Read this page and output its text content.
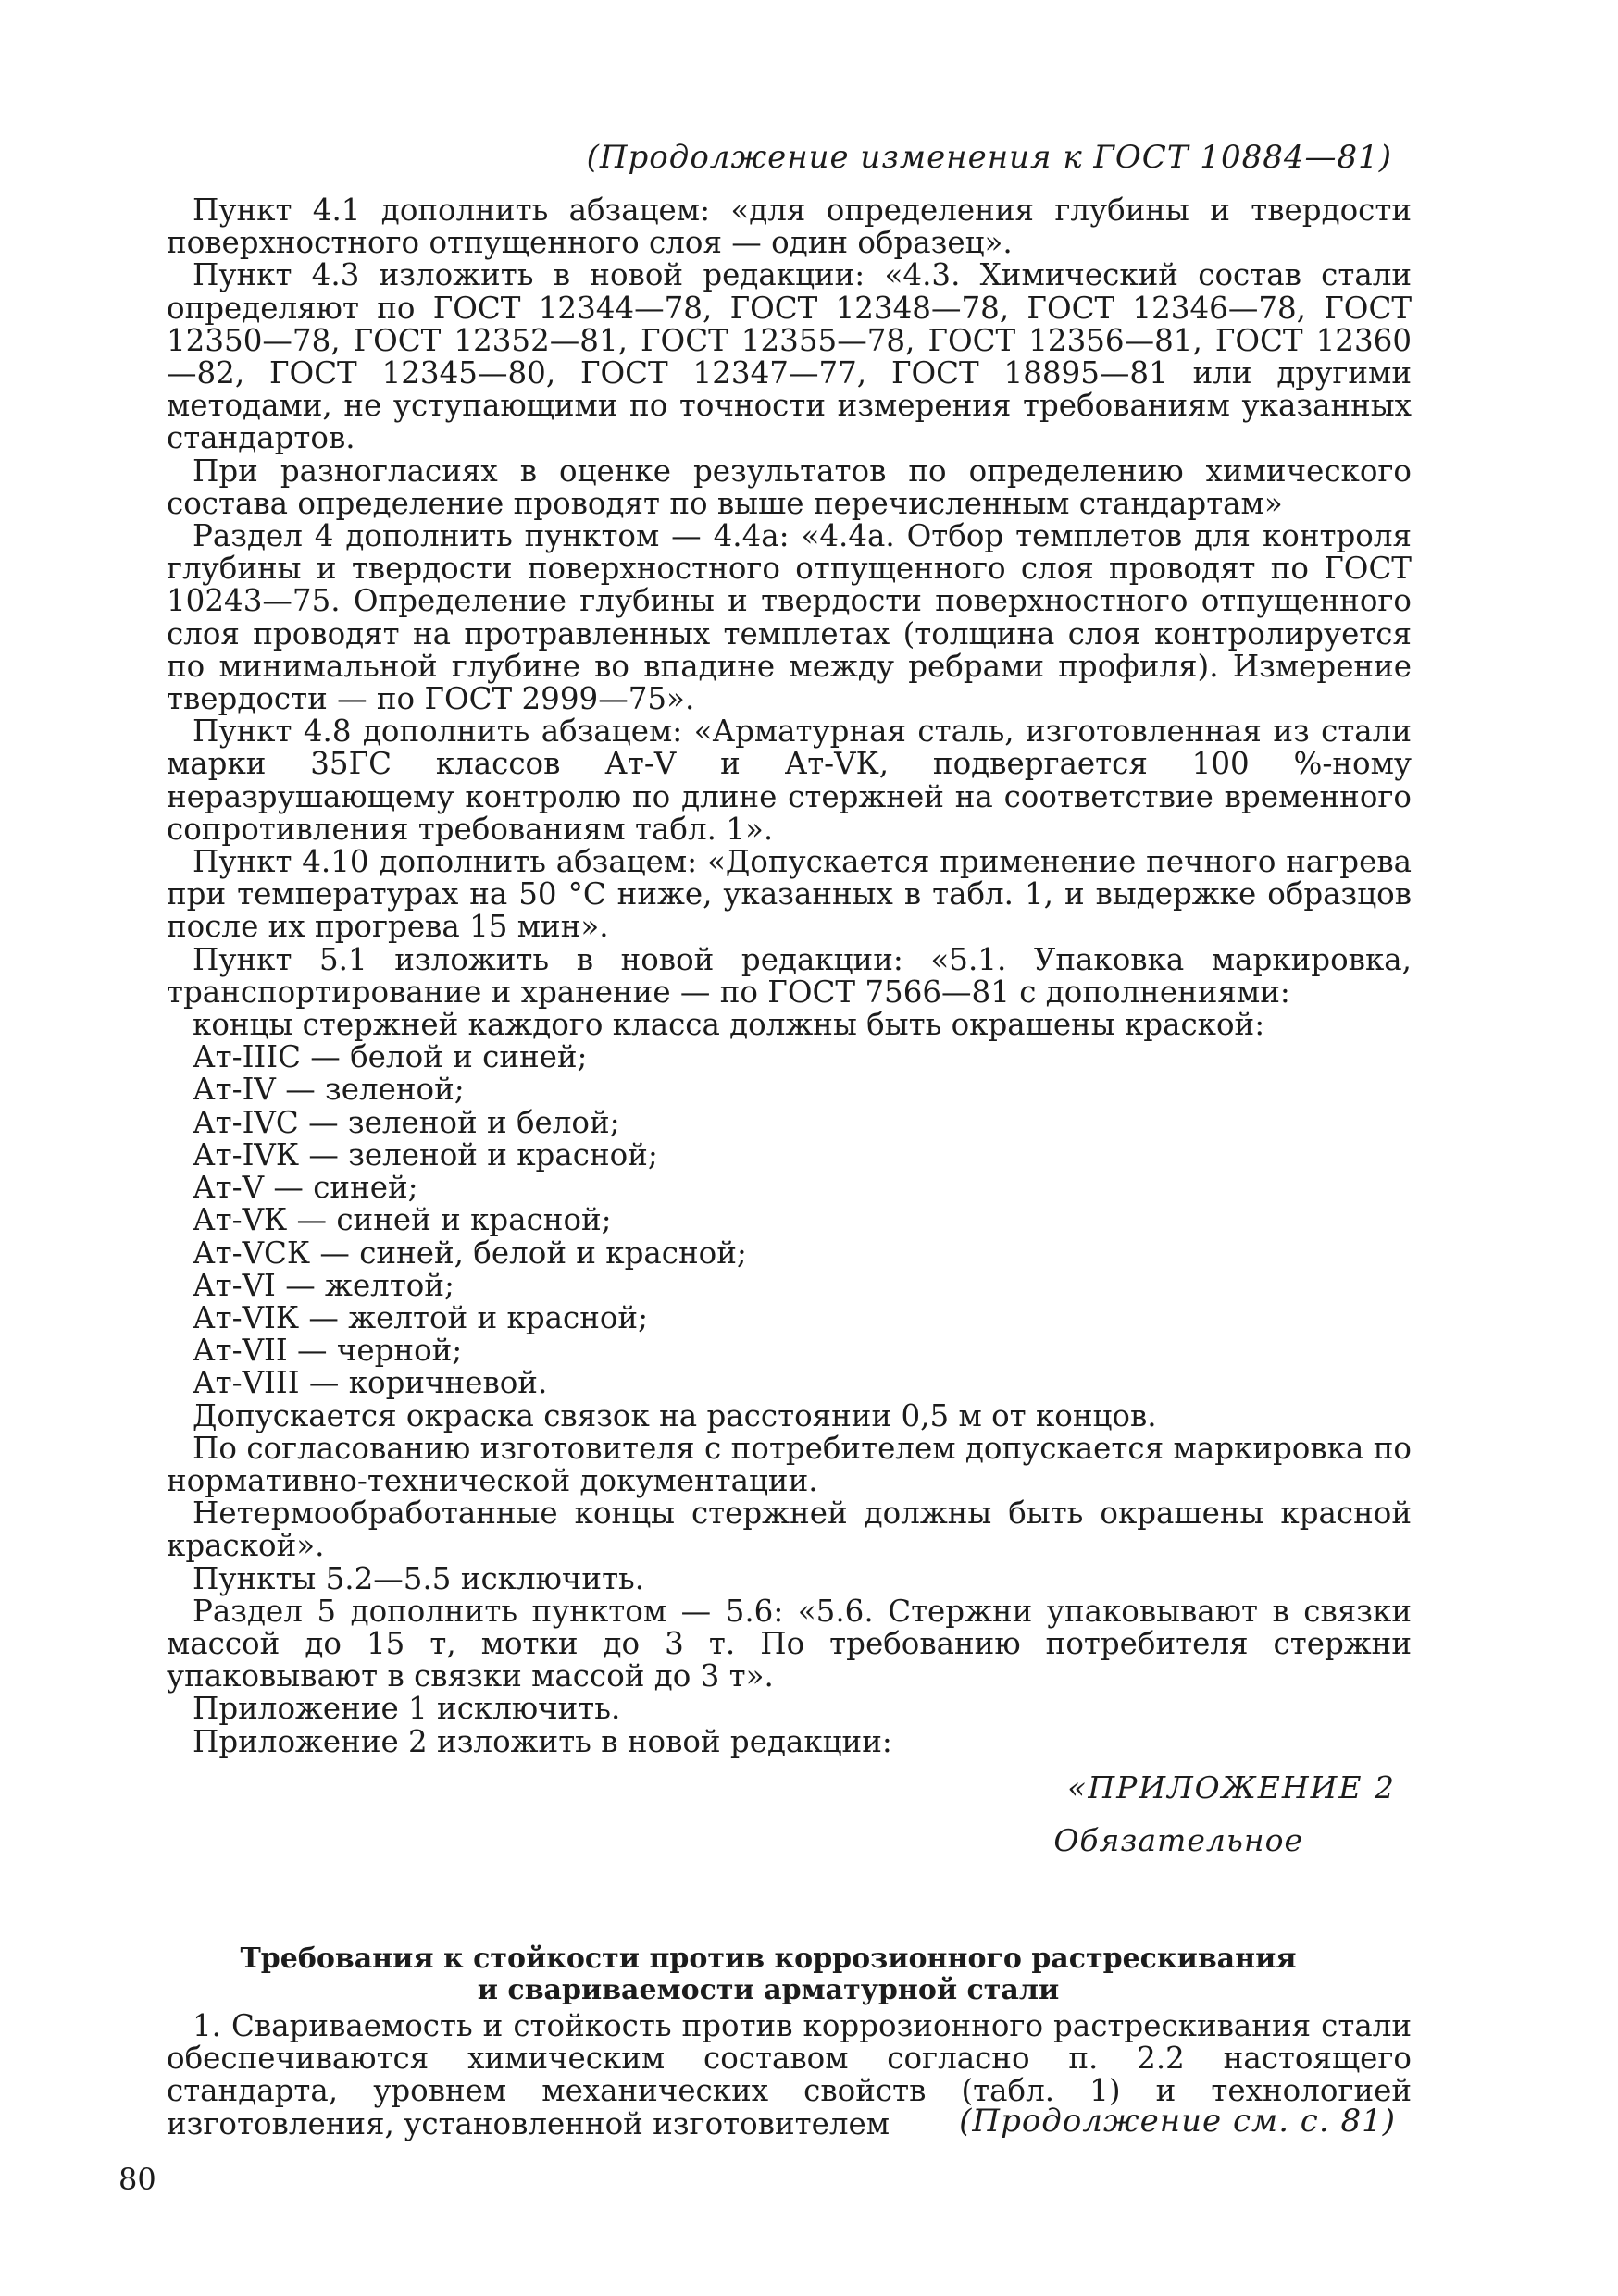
(Продолжение изменения к ГОСТ 10884—81)

Пункт 4.1 дополнить абзацем: «для определения глубины и твердости поверхностного отпущенного слоя — один образец».

Пункт 4.3 изложить в новой редакции: «4.3. Химический состав стали определяют по ГОСТ 12344—78, ГОСТ 12348—78, ГОСТ 12346—78, ГОСТ 12350—78, ГОСТ 12352—81, ГОСТ 12355—78, ГОСТ 12356—81, ГОСТ 12360—82, ГОСТ 12345—80, ГОСТ 12347—77, ГОСТ 18895—81 или другими методами, не уступающими по точности измерения требованиям указанных стандартов.

При разногласиях в оценке результатов по определению химического состава определение проводят по выше перечисленным стандартам»

Раздел 4 дополнить пунктом — 4.4а: «4.4а. Отбор темплетов для контроля глубины и твердости поверхностного отпущенного слоя проводят по ГОСТ 10243—75. Определение глубины и твердости поверхностного отпущенного слоя проводят на протравленных темплетах (толщина слоя контролируется по минимальной глубине во впадине между ребрами профиля). Измерение твердости — по ГОСТ 2999—75».

Пункт 4.8 дополнить абзацем: «Арматурная сталь, изготовленная из стали марки 35ГС классов Ат-V и Ат-VК, подвергается 100 %-ному неразрушающему контролю по длине стержней на соответствие временного сопротивления требованиям табл. 1».

Пункт 4.10 дополнить абзацем: «Допускается применение печного нагрева при температурах на 50 °С ниже, указанных в табл. 1, и выдержке образцов после их прогрева 15 мин».

Пункт 5.1 изложить в новой редакции: «5.1. Упаковка маркировка, транспортирование и хранение — по ГОСТ 7566—81 с дополнениями:

концы стержней каждого класса должны быть окрашены краской:

Ат-IIIС — белой и синей;
Ат-IV — зеленой;
Ат-IVС — зеленой и белой;
Ат-IVК — зеленой и красной;
Ат-V — синей;
Ат-VК — синей и красной;
Ат-VСК — синей, белой и красной;
Ат-VI — желтой;
Ат-VIК — желтой и красной;
Ат-VII — черной;
Ат-VIII — коричневой.

Допускается окраска связок на расстоянии 0,5 м от концов.

По согласованию изготовителя с потребителем допускается маркировка по нормативно-технической документации.

Нетермообработанные концы стержней должны быть окрашены красной краской».

Пункты 5.2—5.5 исключить.

Раздел 5 дополнить пунктом — 5.6: «5.6. Стержни упаковывают в связки массой до 15 т, мотки до 3 т. По требованию потребителя стержни упаковывают в связки массой до 3 т».

Приложение 1 исключить.

Приложение 2 изложить в новой редакции:

«ПРИЛОЖЕНИЕ 2
Обязательное
Требования к стойкости против коррозионного растрескивания
и свариваемости арматурной стали

1. Свариваемость и стойкость против коррозионного растрескивания стали обеспечиваются химическим составом согласно п. 2.2 настоящего стандарта, уровнем механических свойств (табл. 1) и технологией изготовления, установленной изготовителем	(Продолжение см. с. 81)
80
